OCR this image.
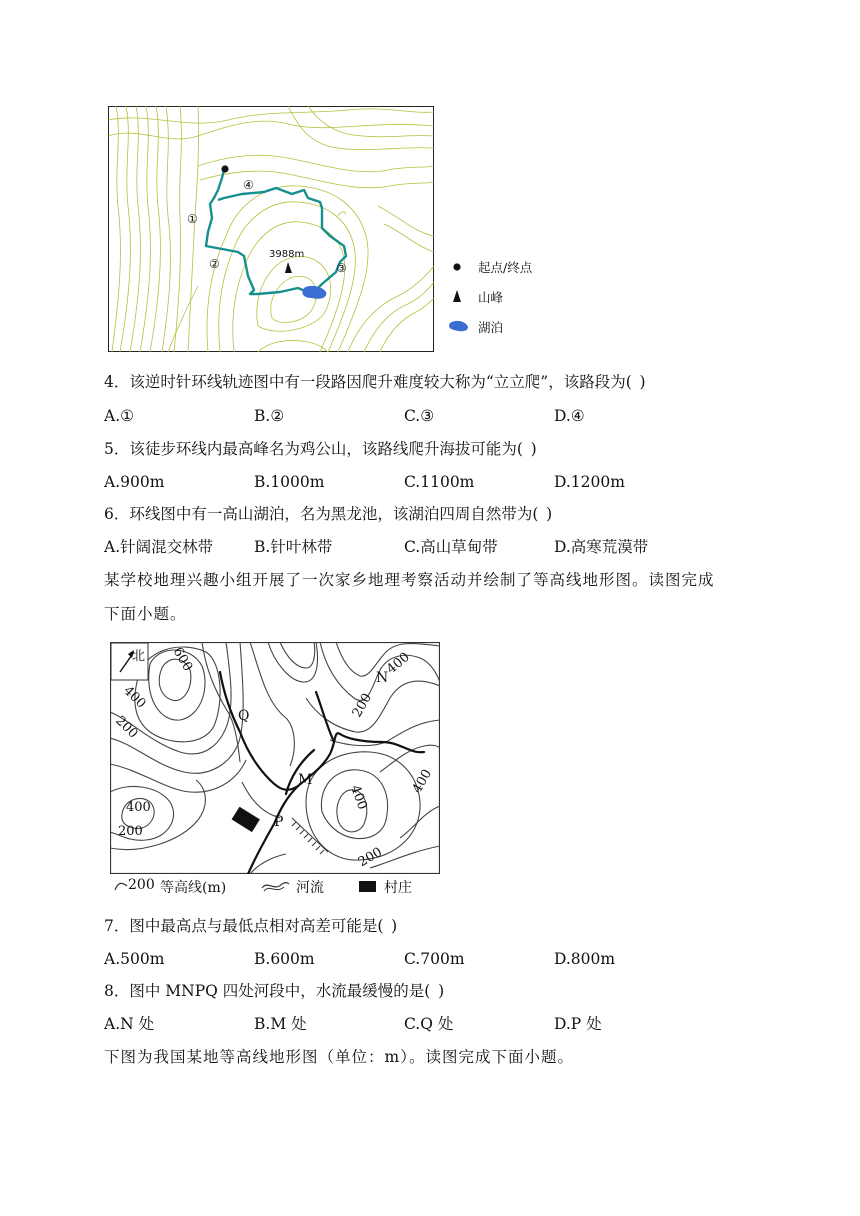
3988m
①
②	③
④
起点/终点
山峰
湖泊
4．该逆时针环线轨迹图中有一段路因爬升难度较大称为“立立爬”，该路段为( )
A.①	B.②	C.③	D.④
5．该徒步环线内最高峰名为鸡公山，该路线爬升海拔可能为( )
A.900m	B.1000m	C.1100m	D.1200m
6．环线图中有一高山湖泊，名为黑龙池，该湖泊四周自然带为( )
A.针阔混交林带	B.针叶林带	C.高山草甸带	D.高寒荒漠带
某学校地理兴趣小组开展了一次家乡地理考察活动并绘制了等高线地形图。读图完成
下面小题。
北 600
400
200
400
200
400
200
400
200
400
Q
N
M
P
200 等高线(m)	河流	村庄
7．图中最高点与最低点相对高差可能是( )
A.500m	B.600m	C.700m	D.800m
8．图中 MNPQ 四处河段中，水流最缓慢的是( )
A.N 处	B.M 处	C.Q 处	D.P 处
下图为我国某地等高线地形图（单位：m）。读图完成下面小题。
